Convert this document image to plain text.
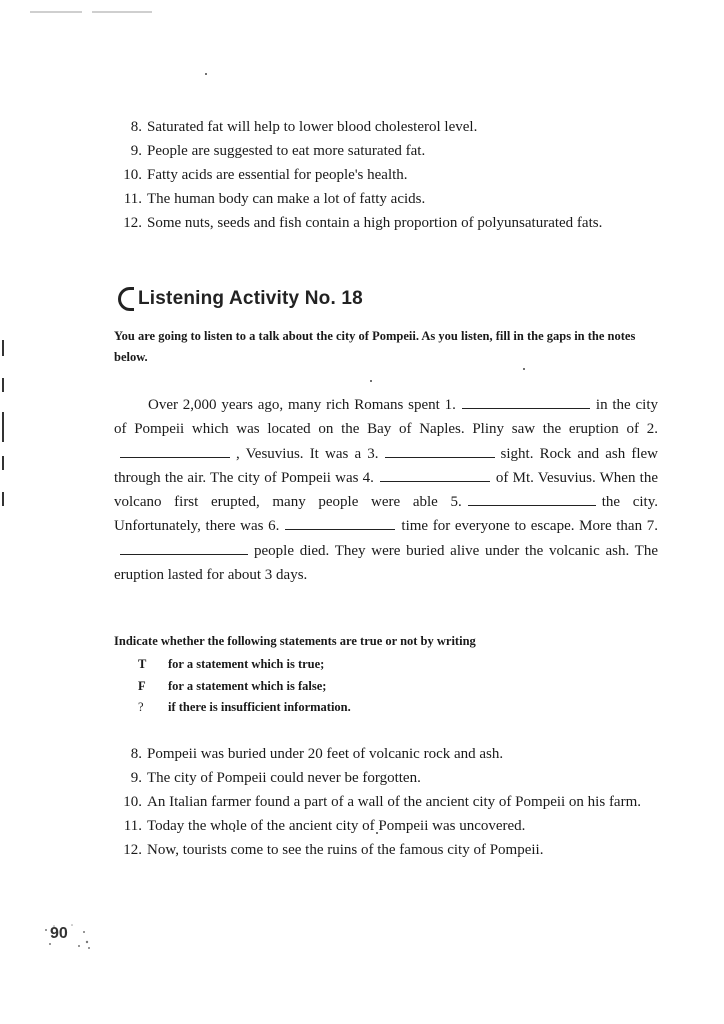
8. Saturated fat will help to lower blood cholesterol level.
9. People are suggested to eat more saturated fat.
10. Fatty acids are essential for people's health.
11. The human body can make a lot of fatty acids.
12. Some nuts, seeds and fish contain a high proportion of polyunsaturated fats.
Listening Activity No. 18
You are going to listen to a talk about the city of Pompeii. As you listen, fill in the gaps in the notes below.
Over 2,000 years ago, many rich Romans spent 1.	in the city of Pompeii which was located on the Bay of Naples. Pliny saw the eruption of 2., Vesuvius. It was a 3.	sight. Rock and ash flew through the air. The city of Pompeii was 4.	of Mt. Vesuvius. When the volcano first erupted, many people were able 5.	the city. Unfortunately, there was 6.	time for everyone to escape. More than 7.people died. They were buried alive under the volcanic ash. The eruption lasted for about 3 days.
Indicate whether the following statements are true or not by writing
T for a statement which is true;
F for a statement which is false;
? if there is insufficient information.
8. Pompeii was buried under 20 feet of volcanic rock and ash.
9. The city of Pompeii could never be forgotten.
10. An Italian farmer found a part of a wall of the ancient city of Pompeii on his farm.
11. Today the whole of the ancient city of Pompeii was uncovered.
12. Now, tourists come to see the ruins of the famous city of Pompeii.
90
